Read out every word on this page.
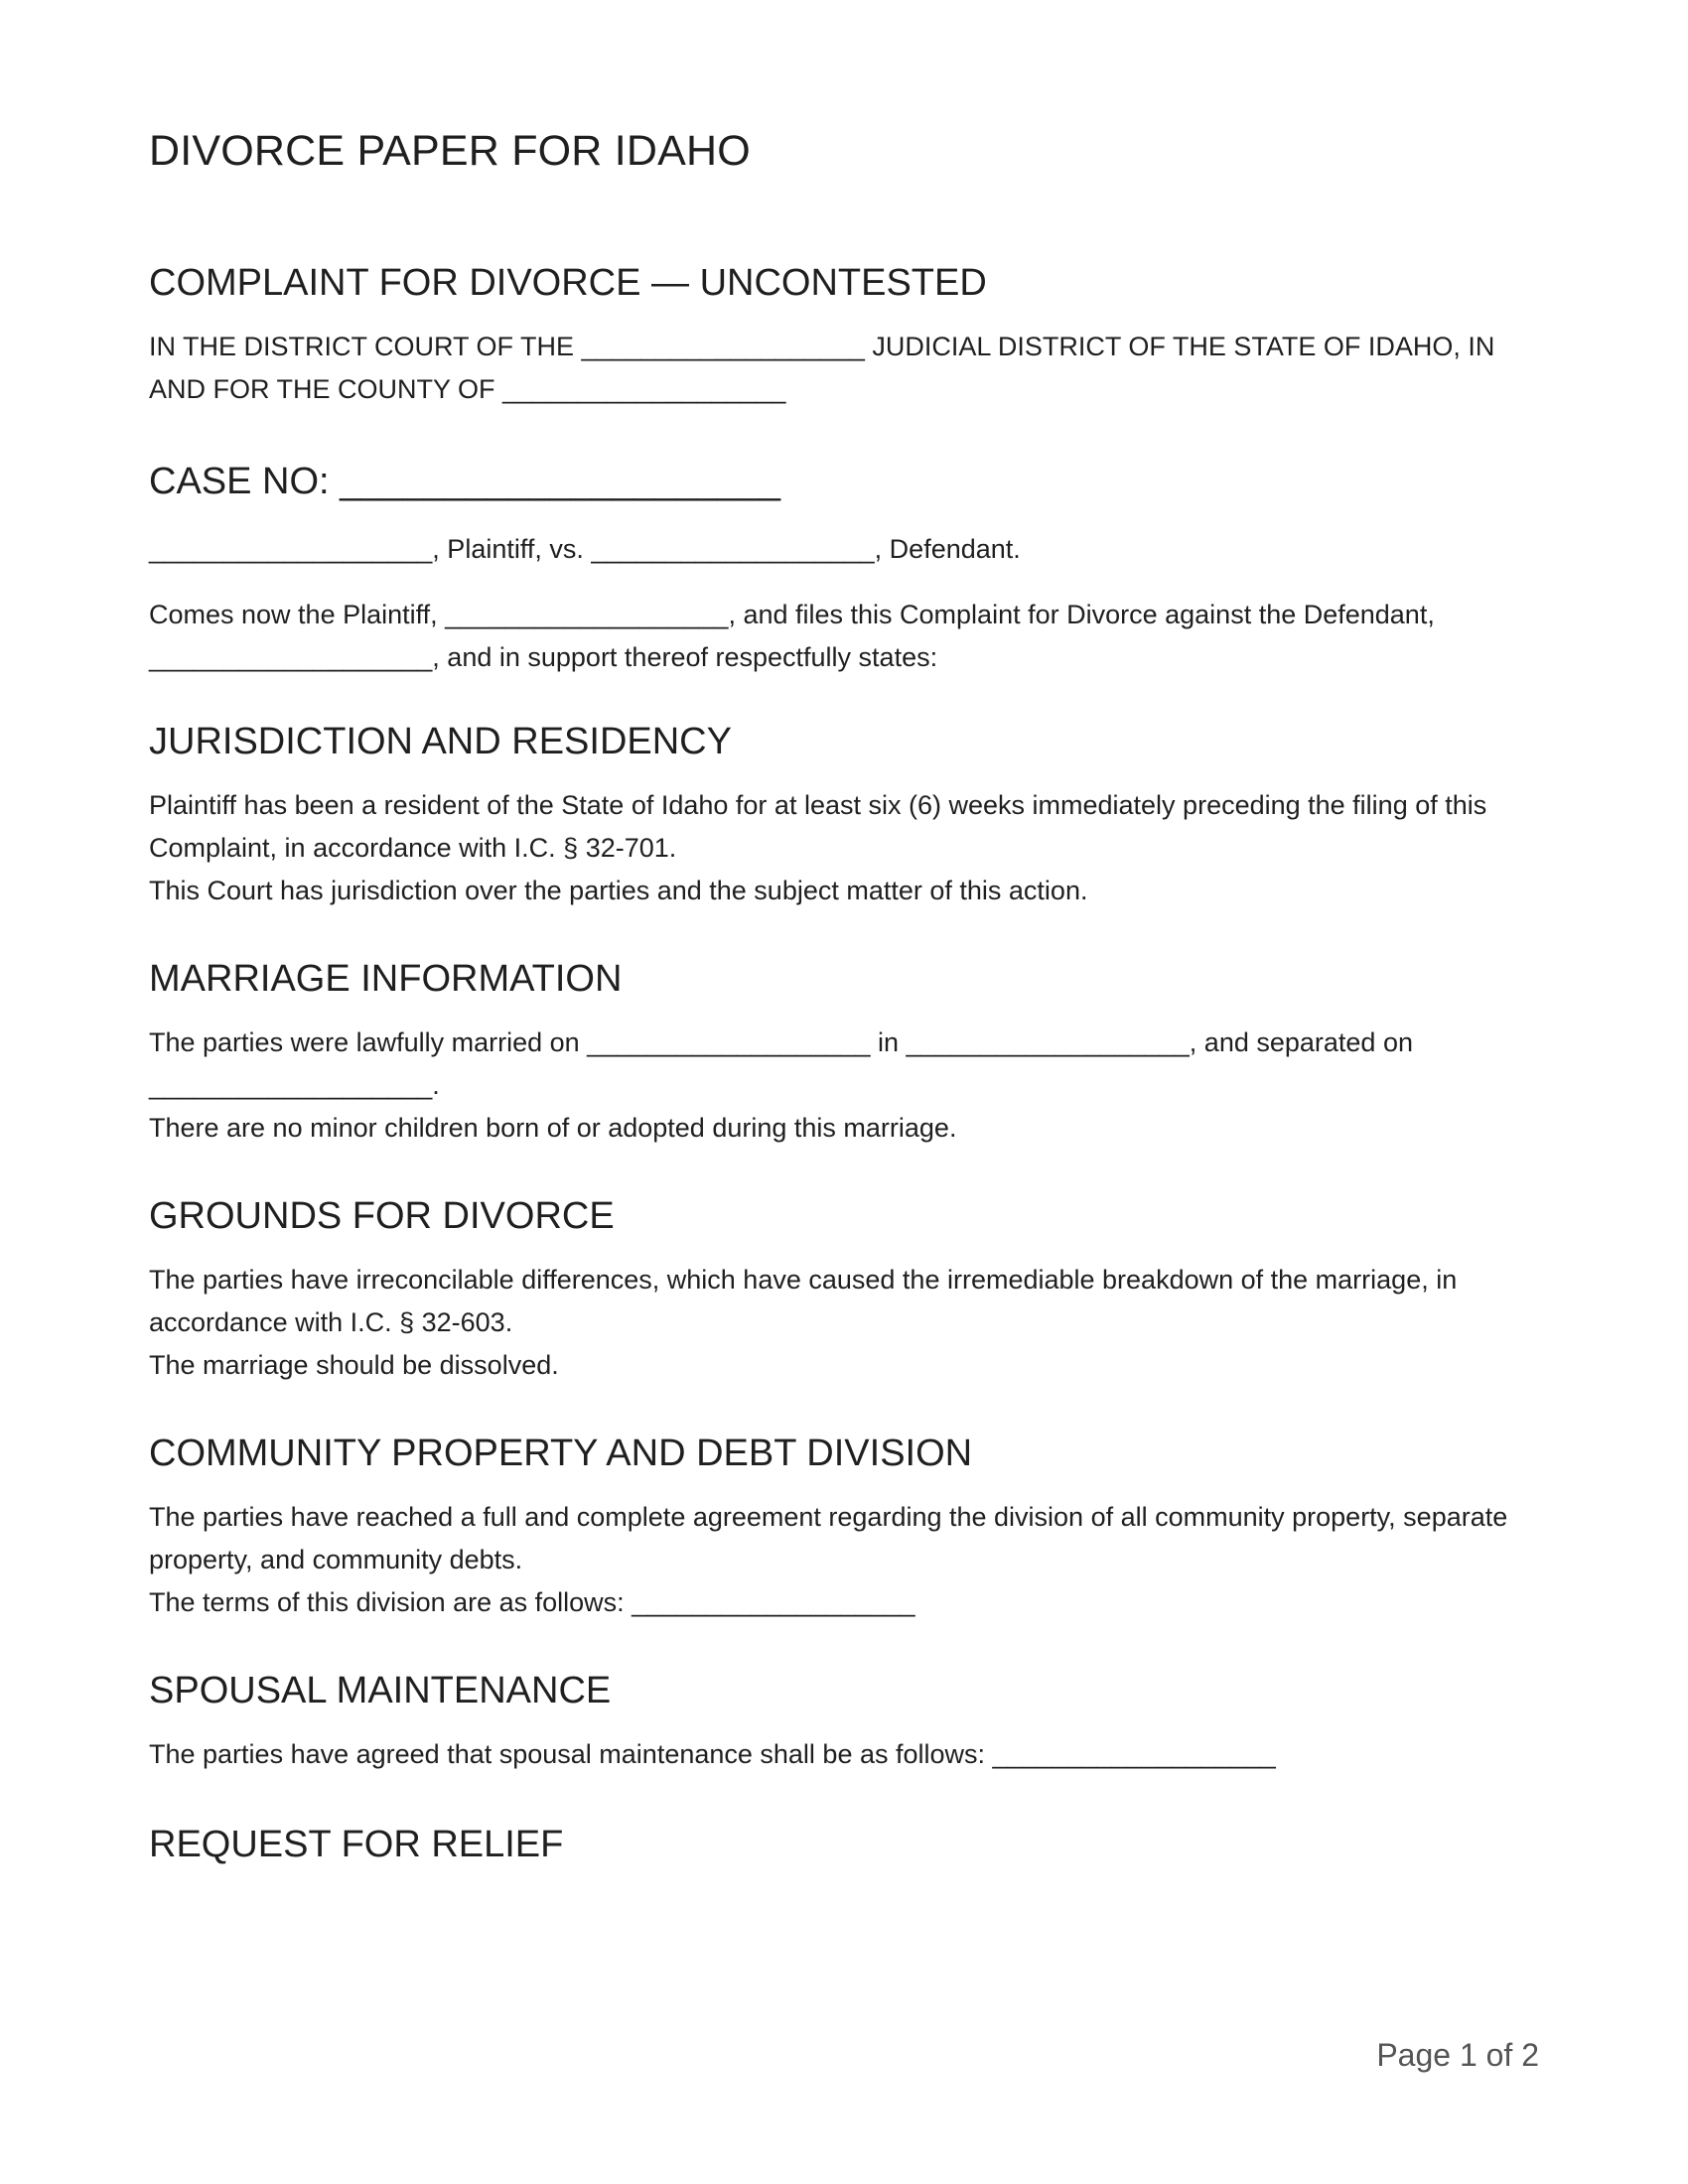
DIVORCE PAPER FOR IDAHO
COMPLAINT FOR DIVORCE — UNCONTESTED

IN THE DISTRICT COURT OF THE ___________________ JUDICIAL DISTRICT OF THE STATE OF IDAHO, IN AND FOR THE COUNTY OF ___________________

CASE NO: _____________________

___________________, Plaintiff, vs. ___________________, Defendant.

Comes now the Plaintiff, ___________________, and files this Complaint for Divorce against the Defendant, ___________________, and in support thereof respectfully states:

JURISDICTION AND RESIDENCY

Plaintiff has been a resident of the State of Idaho for at least six (6) weeks immediately preceding the filing of this Complaint, in accordance with I.C. § 32-701.
This Court has jurisdiction over the parties and the subject matter of this action.

MARRIAGE INFORMATION

The parties were lawfully married on ___________________ in ___________________, and separated on ___________________.
There are no minor children born of or adopted during this marriage.

GROUNDS FOR DIVORCE

The parties have irreconcilable differences, which have caused the irremediable breakdown of the marriage, in accordance with I.C. § 32-603.
The marriage should be dissolved.

COMMUNITY PROPERTY AND DEBT DIVISION

The parties have reached a full and complete agreement regarding the division of all community property, separate property, and community debts.
The terms of this division are as follows: ___________________

SPOUSAL MAINTENANCE

The parties have agreed that spousal maintenance shall be as follows: ___________________

REQUEST FOR RELIEF
Page 1 of 2
